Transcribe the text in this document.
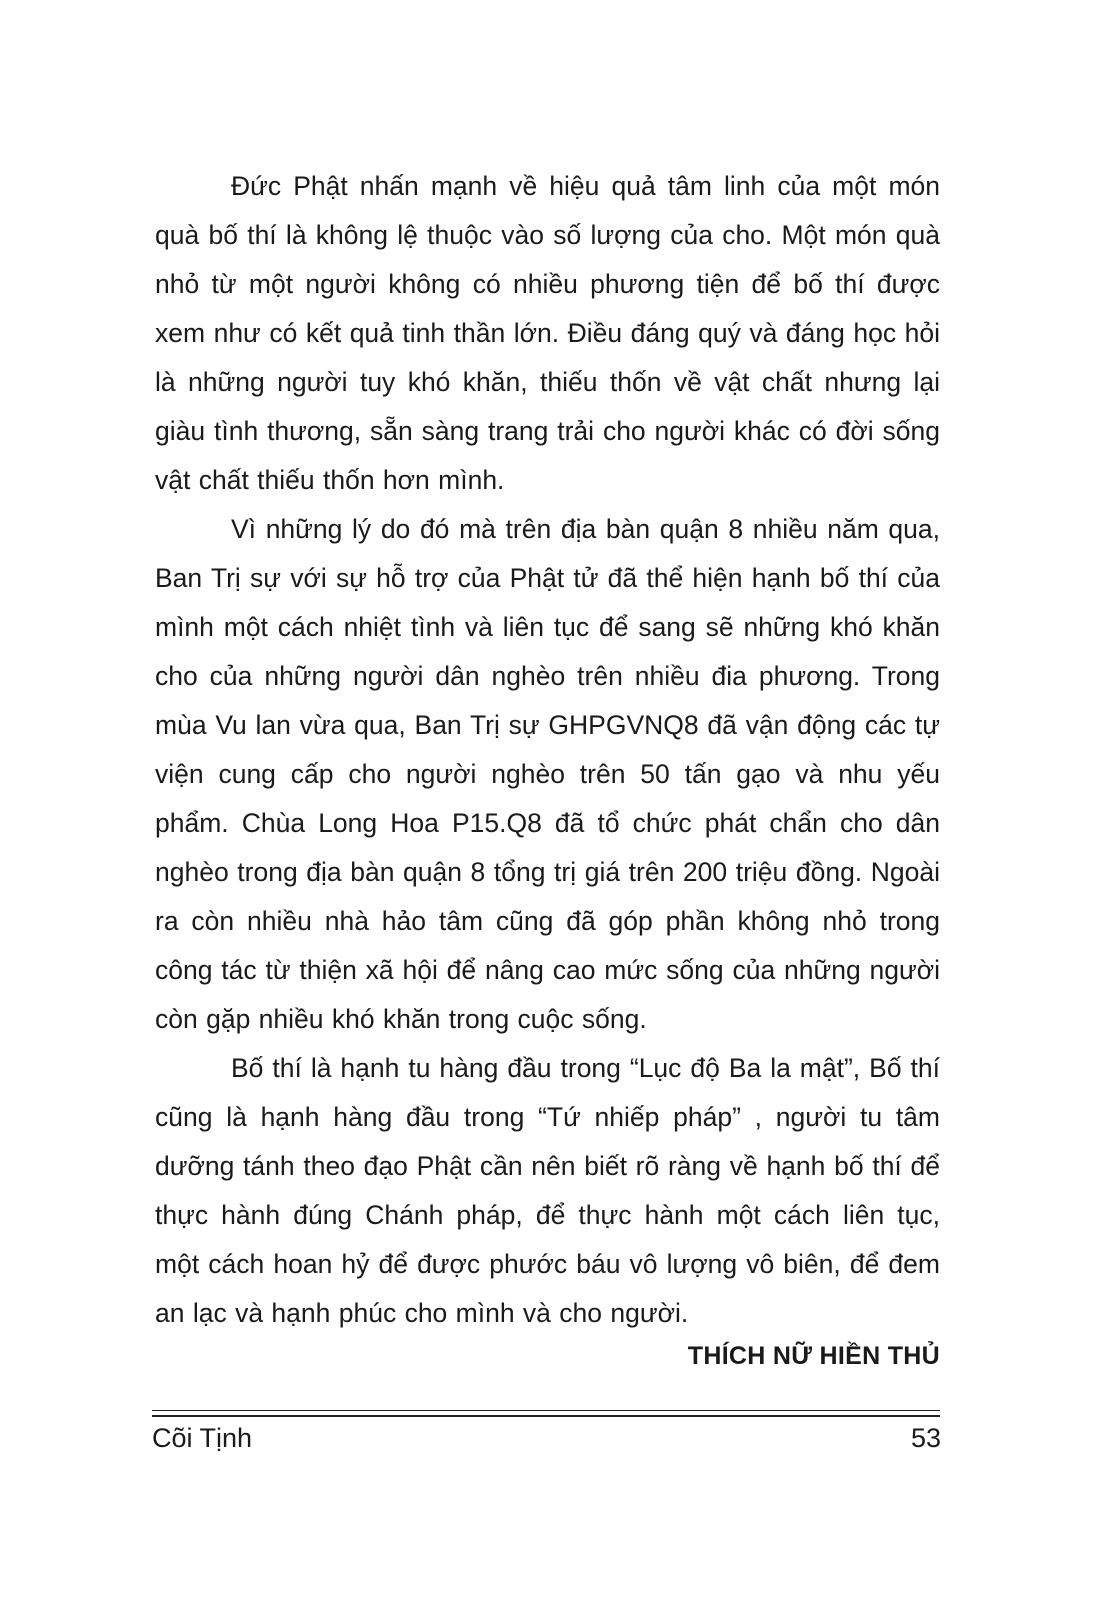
Đức Phật nhấn mạnh về hiệu quả tâm linh của một món quà bố thí là không lệ thuộc vào số lượng của cho. Một món quà nhỏ từ một người không có nhiều phương tiện để bố thí được xem như có kết quả tinh thần lớn. Điều đáng quý và đáng học hỏi là những người tuy khó khăn, thiếu thốn về vật chất nhưng lại giàu tình thương, sẵn sàng trang trải cho người khác có đời sống vật chất thiếu thốn hơn mình.

Vì những lý do đó mà trên địa bàn quận 8 nhiều năm qua, Ban Trị sự với sự hỗ trợ của Phật tử đã thể hiện hạnh bố thí của mình một cách nhiệt tình và liên tục để sang sẽ những khó khăn cho của những người dân nghèo trên nhiều đia phương. Trong mùa Vu lan vừa qua, Ban Trị sự GHPGVNQ8 đã vận động các tự viện cung cấp cho người nghèo trên 50 tấn gạo và nhu yếu phẩm. Chùa Long Hoa P15.Q8 đã tổ chức phát chẩn cho dân nghèo trong địa bàn quận 8 tổng trị giá trên 200 triệu đồng. Ngoài ra còn nhiều nhà hảo tâm cũng đã góp phần không nhỏ trong công tác từ thiện xã hội để nâng cao mức sống của những người còn gặp nhiều khó khăn trong cuộc sống.

Bố thí là hạnh tu hàng đầu trong “Lục độ Ba la mật”, Bố thí cũng là hạnh hàng đầu trong “Tứ nhiếp pháp” , người tu tâm dưỡng tánh theo đạo Phật cần nên biết rõ ràng về hạnh bố thí để thực hành đúng Chánh pháp, để thực hành một cách liên tục, một cách hoan hỷ để được phước báu vô lượng vô biên, để đem an lạc và hạnh phúc cho mình và cho người.

THÍCH NỮ HIỀN THỦ
Cõi Tịnh	53
